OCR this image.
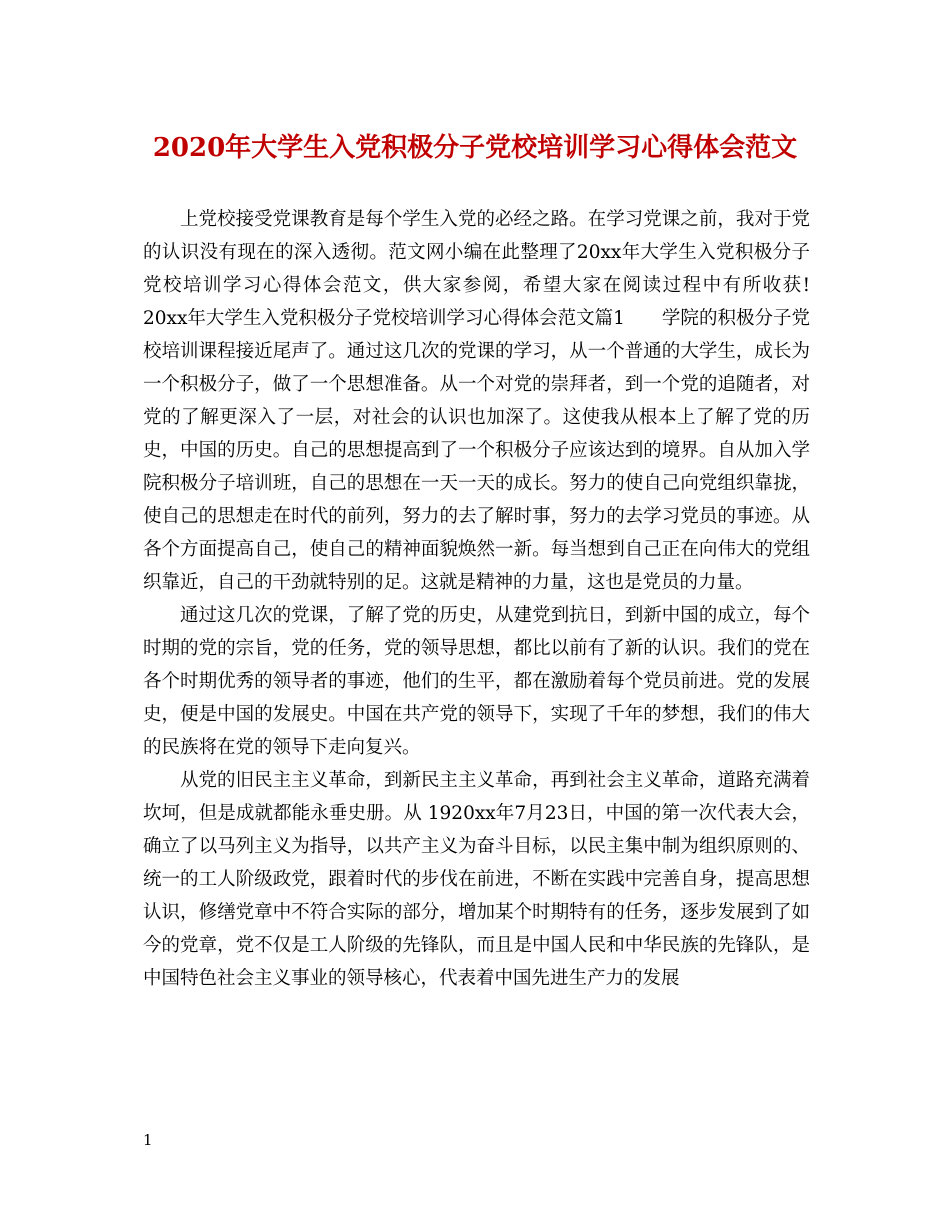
2020年大学生入党积极分子党校培训学习心得体会范文

上党校接受党课教育是每个学生入党的必经之路。在学习党课之前，我对于党的认识没有现在的深入透彻。范文网小编在此整理了20xx年大学生入党积极分子党校培训学习心得体会范文，供大家参阅，希望大家在阅读过程中有所收获! 20xx年大学生入党积极分子党校培训学习心得体会范文篇1　　学院的积极分子党校培训课程接近尾声了。通过这几次的党课的学习，从一个普通的大学生，成长为一个积极分子，做了一个思想准备。从一个对党的崇拜者，到一个党的追随者，对党的了解更深入了一层，对社会的认识也加深了。这使我从根本上了解了党的历史，中国的历史。自己的思想提高到了一个积极分子应该达到的境界。自从加入学院积极分子培训班，自己的思想在一天一天的成长。努力的使自己向党组织靠拢，使自己的思想走在时代的前列，努力的去了解时事，努力的去学习党员的事迹。从各个方面提高自己，使自己的精神面貌焕然一新。每当想到自己正在向伟大的党组织靠近，自己的干劲就特别的足。这就是精神的力量，这也是党员的力量。

通过这几次的党课，了解了党的历史，从建党到抗日，到新中国的成立，每个时期的党的宗旨，党的任务，党的领导思想，都比以前有了新的认识。我们的党在各个时期优秀的领导者的事迹，他们的生平，都在激励着每个党员前进。党的发展史，便是中国的发展史。中国在共产党的领导下，实现了千年的梦想，我们的伟大的民族将在党的领导下走向复兴。

从党的旧民主主义革命，到新民主主义革命，再到社会主义革命，道路充满着坎坷，但是成就都能永垂史册。从 1920xx年7月23日，中国的第一次代表大会，确立了以马列主义为指导，以共产主义为奋斗目标，以民主集中制为组织原则的、统一的工人阶级政党，跟着时代的步伐在前进，不断在实践中完善自身，提高思想认识，修缮党章中不符合实际的部分，增加某个时期特有的任务，逐步发展到了如今的党章，党不仅是工人阶级的先锋队，而且是中国人民和中华民族的先锋队，是中国特色社会主义事业的领导核心，代表着中国先进生产力的发展

1
